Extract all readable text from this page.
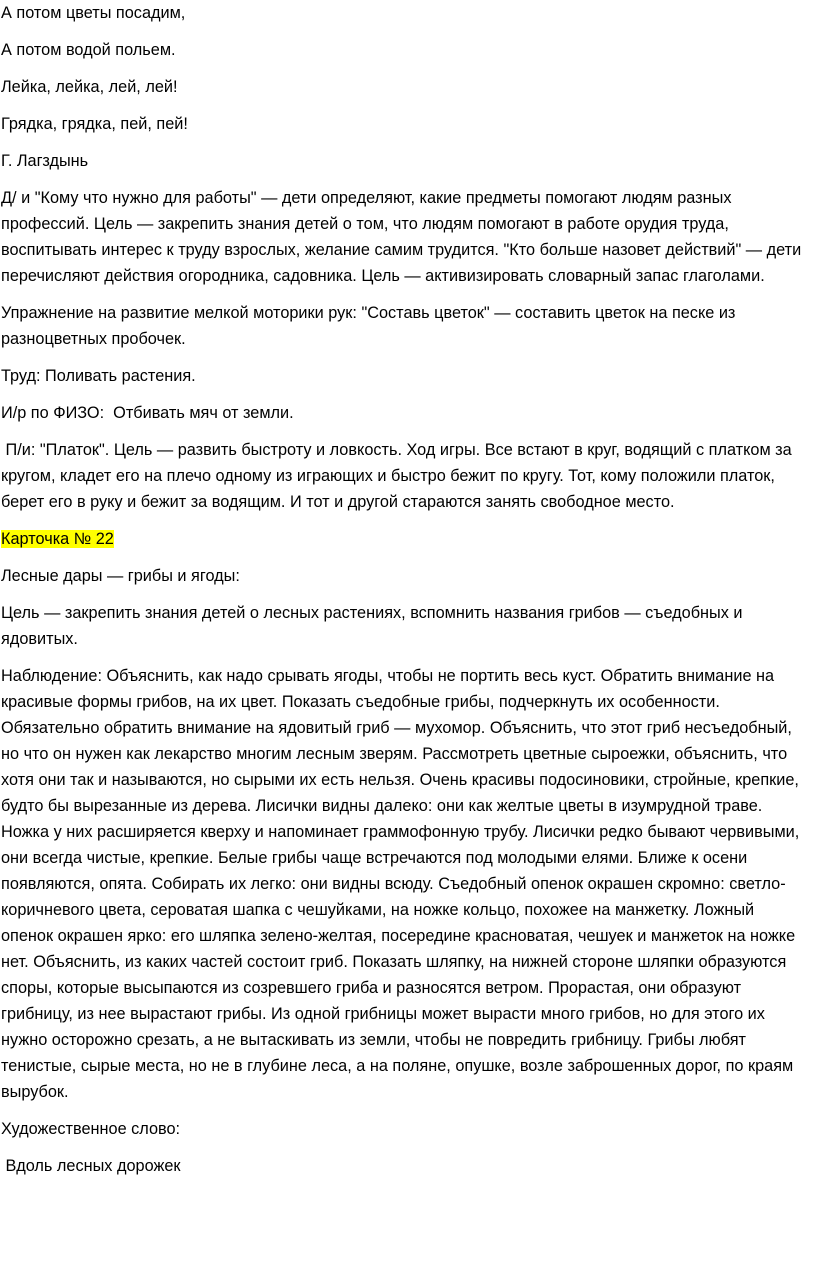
А потом цветы посадим,

А потом водой польем.

Лейка, лейка, лей, лей!

Грядка, грядка, пей, пей!

Г. Лагздынь

Д/ и "Кому что нужно для работы" — дети определяют, какие предметы помогают людям разных профессий. Цель — закрепить знания детей о том, что людям помогают в работе орудия труда, воспитывать интерес к труду взрослых, желание самим трудится. "Кто больше назовет действий" — дети перечисляют действия огородника, садовника. Цель — активизировать словарный запас глаголами.

Упражнение на развитие мелкой моторики рук: "Составь цветок" — составить цветок на песке из разноцветных пробочек.

Труд: Поливать растения.

И/р по ФИЗО:  Отбивать мяч от земли.

П/и: "Платок". Цель — развить быстроту и ловкость. Ход игры. Все встают в круг, водящий с платком за кругом, кладет его на плечо одному из играющих и быстро бежит по кругу. Тот, кому положили платок, берет его в руку и бежит за водящим. И тот и другой стараются занять свободное место.

Карточка № 22

Лесные дары — грибы и ягоды:

Цель — закрепить знания детей о лесных растениях, вспомнить названия грибов — съедобных и ядовитых.

Наблюдение: Объяснить, как надо срывать ягоды, чтобы не портить весь куст. Обратить внимание на красивые формы грибов, на их цвет. Показать съедобные грибы, подчеркнуть их особенности. Обязательно обратить внимание на ядовитый гриб — мухомор. Объяснить, что этот гриб несъедобный, но что он нужен как лекарство многим лесным зверям. Рассмотреть цветные сыроежки, объяснить, что хотя они так и называются, но сырыми их есть нельзя. Очень красивы подосиновики, стройные, крепкие, будто бы вырезанные из дерева. Лисички видны далеко: они как желтые цветы в изумрудной траве. Ножка у них расширяется кверху и напоминает граммофонную трубу. Лисички редко бывают червивыми, они всегда чистые, крепкие. Белые грибы чаще встречаются под молодыми елями. Ближе к осени появляются, опята. Собирать их легко: они видны всюду. Съедобный опенок окрашен скромно: светло-коричневого цвета, сероватая шапка с чешуйками, на ножке кольцо, похожее на манжетку. Ложный опенок окрашен ярко: его шляпка зелено-желтая, посередине красноватая, чешуек и манжеток на ножке нет. Объяснить, из каких частей состоит гриб. Показать шляпку, на нижней стороне шляпки образуются споры, которые высыпаются из созревшего гриба и разносятся ветром. Прорастая, они образуют грибницу, из нее вырастают грибы. Из одной грибницы может вырасти много грибов, но для этого их нужно осторожно срезать, а не вытаскивать из земли, чтобы не повредить грибницу. Грибы любят тенистые, сырые места, но не в глубине леса, а на поляне, опушке, возле заброшенных дорог, по краям вырубок.

Художественное слово:

Вдоль лесных дорожек
